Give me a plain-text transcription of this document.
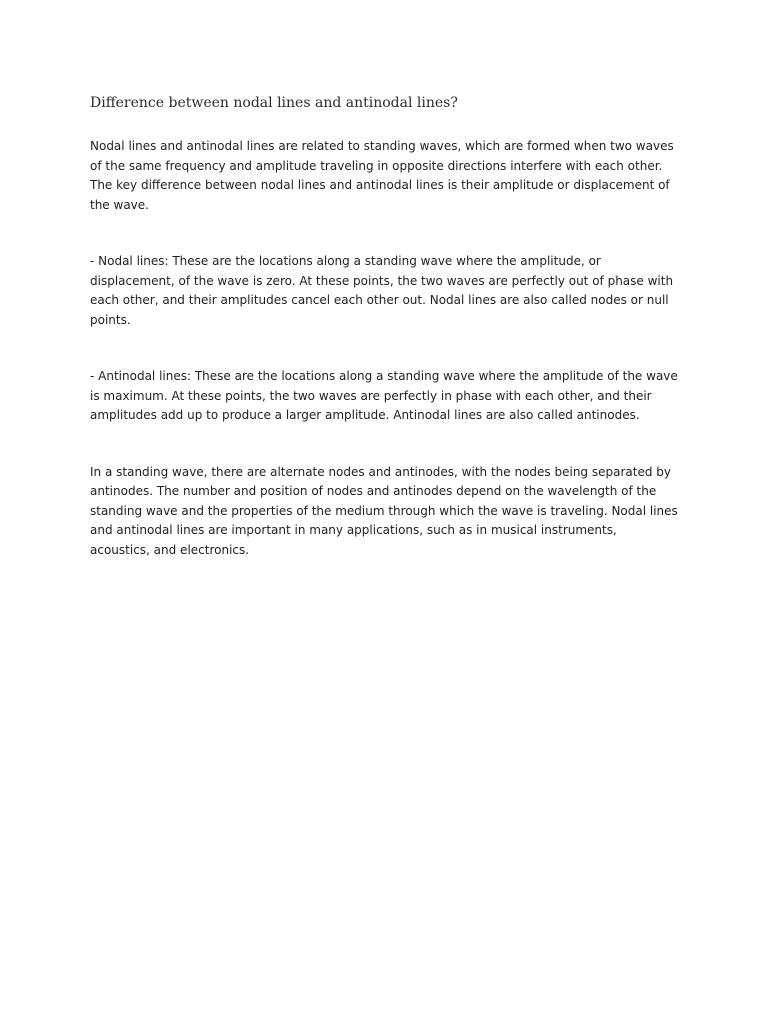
Difference between nodal lines and antinodal lines?

Nodal lines and antinodal lines are related to standing waves, which are formed when two waves of the same frequency and amplitude traveling in opposite directions interfere with each other. The key difference between nodal lines and antinodal lines is their amplitude or displacement of the wave.

- Nodal lines: These are the locations along a standing wave where the amplitude, or displacement, of the wave is zero. At these points, the two waves are perfectly out of phase with each other, and their amplitudes cancel each other out. Nodal lines are also called nodes or null points.

- Antinodal lines: These are the locations along a standing wave where the amplitude of the wave is maximum. At these points, the two waves are perfectly in phase with each other, and their amplitudes add up to produce a larger amplitude. Antinodal lines are also called antinodes.

In a standing wave, there are alternate nodes and antinodes, with the nodes being separated by antinodes. The number and position of nodes and antinodes depend on the wavelength of the standing wave and the properties of the medium through which the wave is traveling. Nodal lines and antinodal lines are important in many applications, such as in musical instruments, acoustics, and electronics.
